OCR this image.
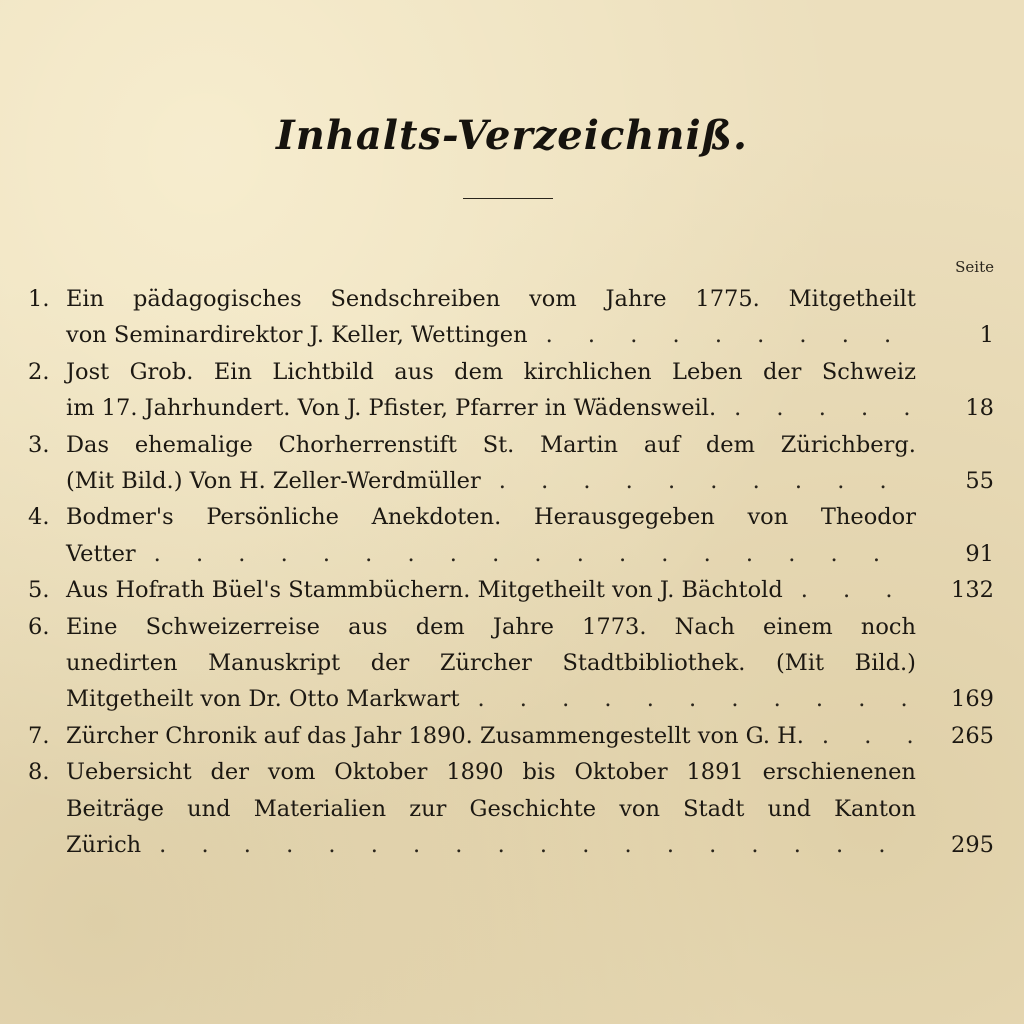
Inhalts-Verzeichniß.
Seite
1. Ein pädagogisches Sendschreiben vom Jahre 1775. Mitgetheilt
1
von Seminardirektor J. Keller, Wettingen
. . .
2. Jost Grob. Ein Lichtbild aus dem kirchlichen Leben der Schweiz
18
im 17. Jahrhundert. Von J. Pfister, Pfarrer in Wädensweil.
. . .
3. Das ehemalige Chorherrenstift St. Martin auf dem Zürichberg.
55
(Mit Bild.) Von H. Zeller-Werdmüller
. . .
4. Bodmer's Persönliche Anekdoten. Herausgegeben von Theodor
91
Vetter
. . .
5.	132
Aus Hofrath Büel's Stammbüchern. Mitgetheilt von J. Bächtold
. . .
6. Eine Schweizerreise aus dem Jahre 1773. Nach einem noch
unedirten Manuskript der Zürcher Stadtbibliothek. (Mit Bild.)
169
Mitgetheilt von Dr. Otto Markwart
. . .
7.	265
Zürcher Chronik auf das Jahr 1890. Zusammengestellt von G. H.
. . .
8. Uebersicht der vom Oktober 1890 bis Oktober 1891 erschienenen
Beiträge und Materialien zur Geschichte von Stadt und Kanton
295
Zürich
. . .
